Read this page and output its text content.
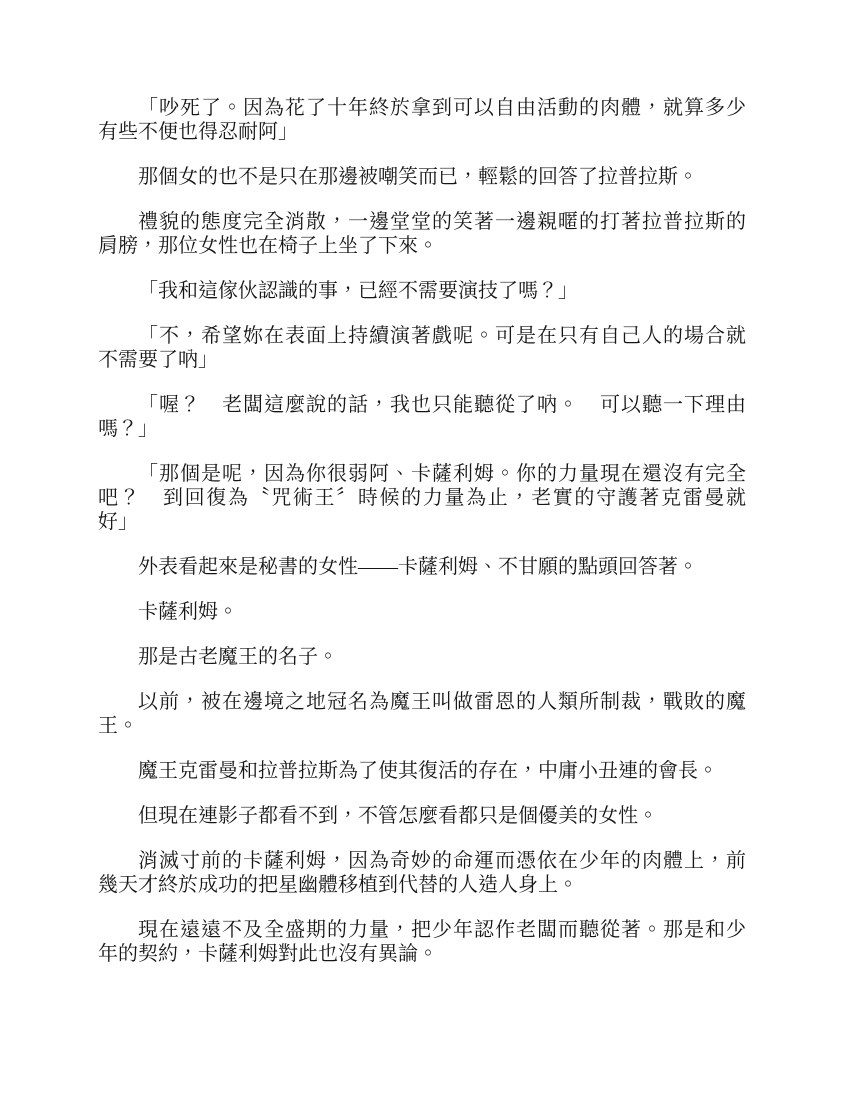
「吵死了。因為花了十年終於拿到可以自由活動的肉體，就算多少
有些不便也得忍耐阿」

那個女的也不是只在那邊被嘲笑而已，輕鬆的回答了拉普拉斯。

禮貌的態度完全消散，一邊堂堂的笑著一邊親暱的打著拉普拉斯的
肩膀，那位女性也在椅子上坐了下來。

「我和這傢伙認識的事，已經不需要演技了嗎？」

「不，希望妳在表面上持續演著戲呢。可是在只有自己人的場合就
不需要了吶」

「喔？　老闆這麼說的話，我也只能聽從了吶。　可以聽一下理由
嗎？」

「那個是呢，因為你很弱阿、卡薩利姆。你的力量現在還沒有完全
吧？　到回復為〝咒術王〞時候的力量為止，老實的守護著克雷曼就
好」

外表看起來是秘書的女性——卡薩利姆、不甘願的點頭回答著。

卡薩利姆。

那是古老魔王的名子。

以前，被在邊境之地冠名為魔王叫做雷恩的人類所制裁，戰敗的魔
王。

魔王克雷曼和拉普拉斯為了使其復活的存在，中庸小丑連的會長。

但現在連影子都看不到，不管怎麼看都只是個優美的女性。

消滅寸前的卡薩利姆，因為奇妙的命運而憑依在少年的肉體上，前
幾天才終於成功的把星幽體移植到代替的人造人身上。

現在遠遠不及全盛期的力量，把少年認作老闆而聽從著。那是和少
年的契約，卡薩利姆對此也沒有異論。
